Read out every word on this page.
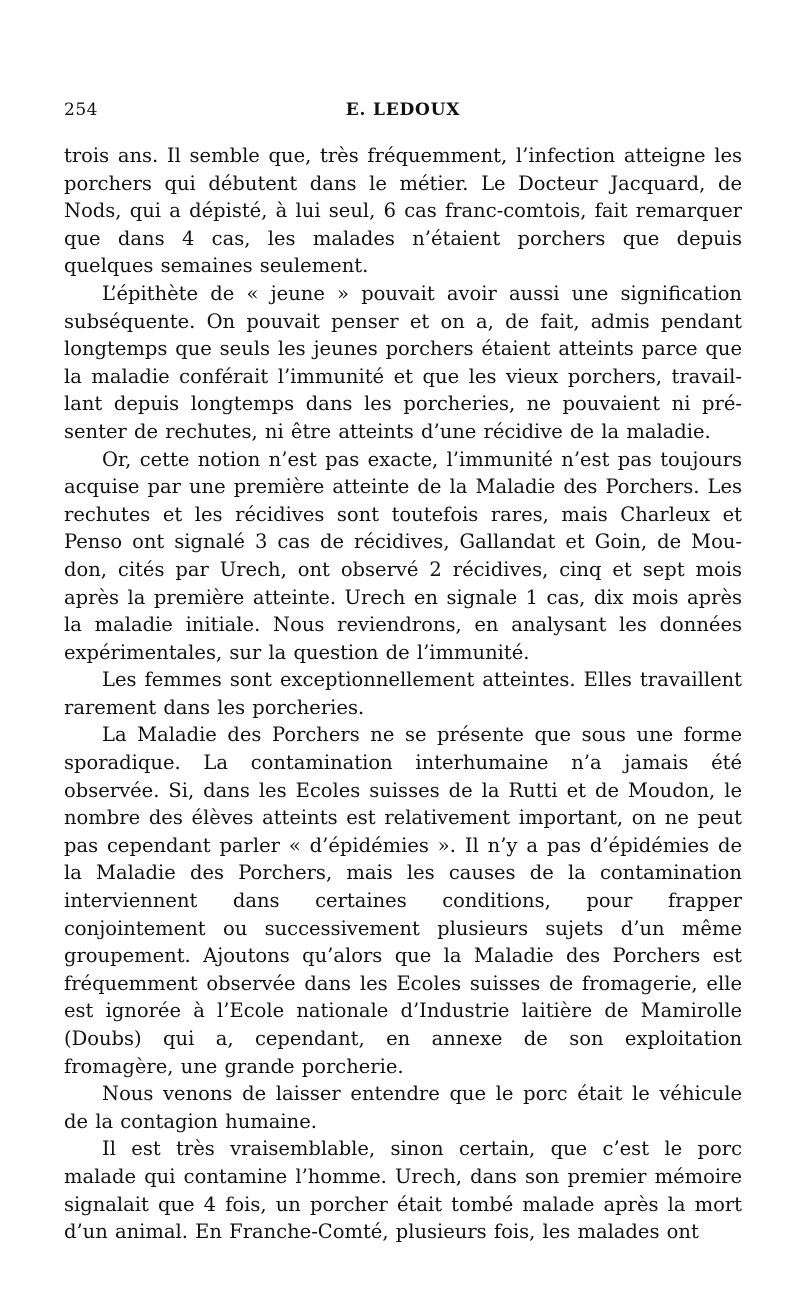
254	E. LEDOUX

trois ans. Il semble que, très fréquemment, l’infection atteigne les porchers qui débutent dans le métier. Le Docteur Jacquard, de Nods, qui a dépisté, à lui seul, 6 cas franc-comtois, fait remarquer que dans 4 cas, les malades n’étaient porchers que depuis quelques semaines seulement.

L’épithète de « jeune » pouvait avoir aussi une signification subséquente. On pouvait penser et on a, de fait, admis pendant longtemps que seuls les jeunes porchers étaient atteints parce que la maladie conférait l’immunité et que les vieux porchers, travaillant depuis longtemps dans les porcheries, ne pouvaient ni présenter de rechutes, ni être atteints d’une récidive de la maladie.

Or, cette notion n’est pas exacte, l’immunité n’est pas toujours acquise par une première atteinte de la Maladie des Porchers. Les rechutes et les récidives sont toutefois rares, mais Charleux et Penso ont signalé 3 cas de récidives, Gallandat et Goin, de Moudon, cités par Urech, ont observé 2 récidives, cinq et sept mois après la première atteinte. Urech en signale 1 cas, dix mois après la maladie initiale. Nous reviendrons, en analysant les données expérimentales, sur la question de l’immunité.

Les femmes sont exceptionnellement atteintes. Elles travaillent rarement dans les porcheries.

La Maladie des Porchers ne se présente que sous une forme sporadique. La contamination interhumaine n’a jamais été observée. Si, dans les Ecoles suisses de la Rutti et de Moudon, le nombre des élèves atteints est relativement important, on ne peut pas cependant parler « d’épidémies ». Il n’y a pas d’épidémies de la Maladie des Porchers, mais les causes de la contamination interviennent dans certaines conditions, pour frapper conjointement ou successivement plusieurs sujets d’un même groupement. Ajoutons qu’alors que la Maladie des Porchers est fréquemment observée dans les Ecoles suisses de fromagerie, elle est ignorée à l’Ecole nationale d’Industrie laitière de Mamirolle (Doubs) qui a, cependant, en annexe de son exploitation fromagère, une grande porcherie.

Nous venons de laisser entendre que le porc était le véhicule de la contagion humaine.

Il est très vraisemblable, sinon certain, que c’est le porc malade qui contamine l’homme. Urech, dans son premier mémoire signalait que 4 fois, un porcher était tombé malade après la mort d’un animal. En Franche-Comté, plusieurs fois, les malades ont
